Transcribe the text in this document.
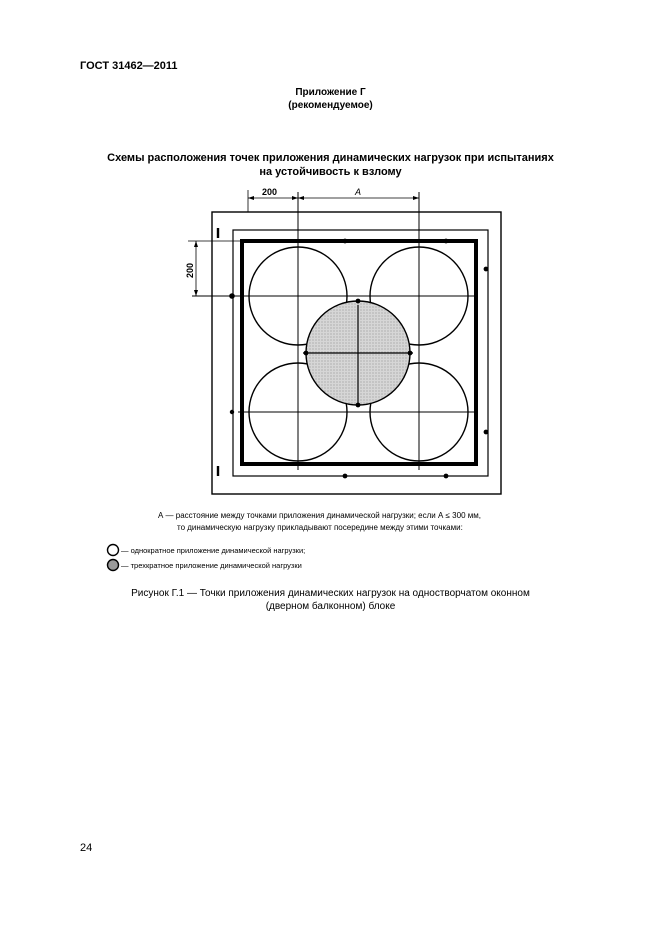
ГОСТ 31462—2011
Приложение Г
(рекомендуемое)
Схемы расположения точек приложения динамических нагрузок при испытаниях
на устойчивость к взлому
200	А
200
А — расстояние между точками приложения динамической нагрузки; если А ≤ 300 мм,
то динамическую нагрузку прикладывают посередине между этими точками:
— однократное приложение динамической нагрузки;
— трехкратное приложение динамической нагрузки
Рисунок Г.1 — Точки приложения динамических нагрузок на одностворчатом оконном
(дверном балконном) блоке
24
